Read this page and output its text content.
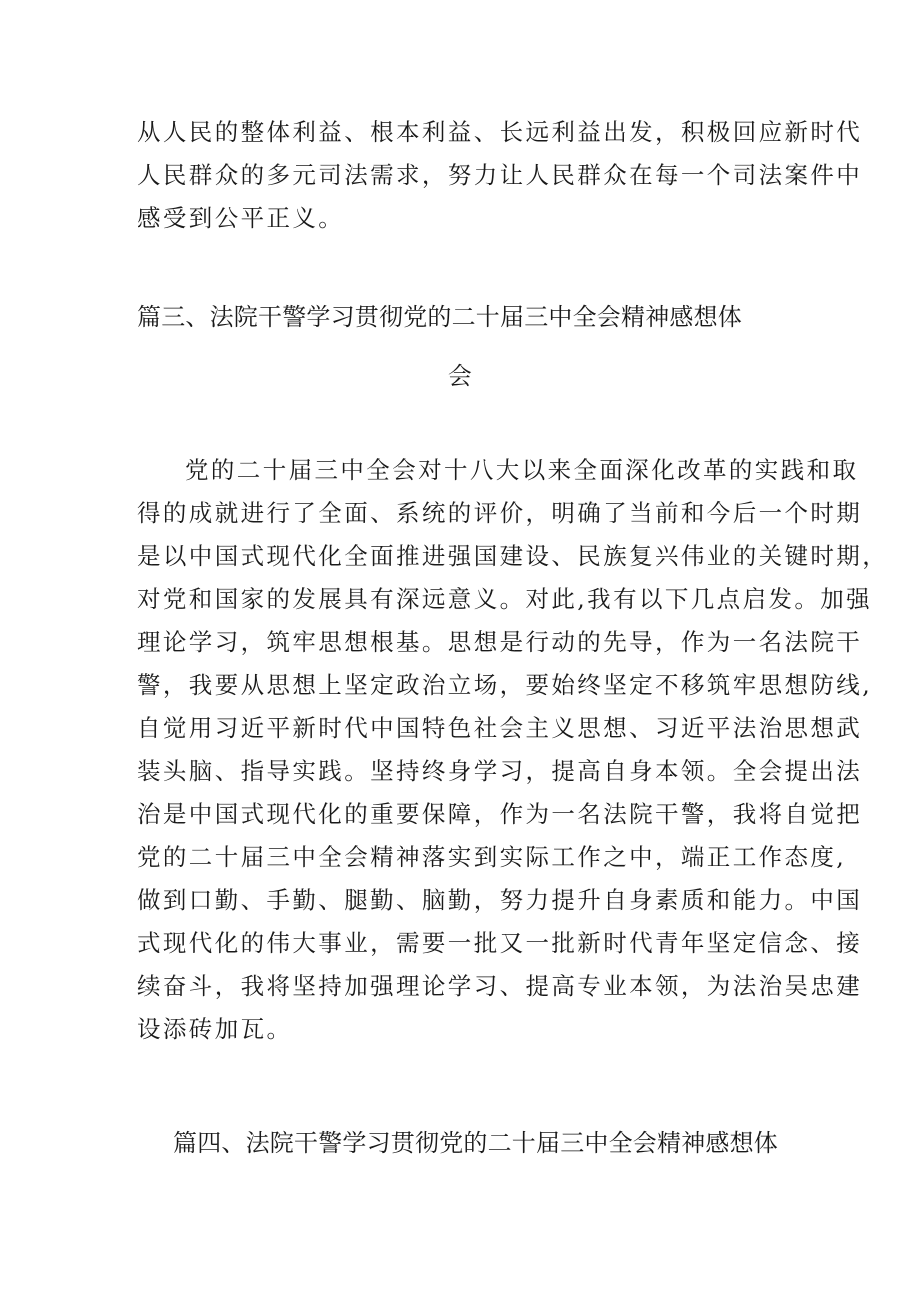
从人民的整体利益、根本利益、长远利益出发，积极回应新时代

人民群众的多元司法需求，努力让人民群众在每一个司法案件中

感受到公平正义。

篇三、法院干警学习贯彻党的二十届三中全会精神感想体

会

党的二十届三中全会对十八大以来全面深化改革的实践和取

得的成就进行了全面、系统的评价，明确了当前和今后一个时期

是以中国式现代化全面推进强国建设、民族复兴伟业的关键时期，

对党和国家的发展具有深远意义。对此,我有以下几点启发。加强

理论学习，筑牢思想根基。思想是行动的先导，作为一名法院干

警，我要从思想上坚定政治立场，要始终坚定不移筑牢思想防线,

自觉用习近平新时代中国特色社会主义思想、习近平法治思想武

装头脑、指导实践。坚持终身学习，提高自身本领。全会提出法

治是中国式现代化的重要保障，作为一名法院干警，我将自觉把

党的二十届三中全会精神落实到实际工作之中，端正工作态度,

做到口勤、手勤、腿勤、脑勤，努力提升自身素质和能力。中国

式现代化的伟大事业，需要一批又一批新时代青年坚定信念、接

续奋斗，我将坚持加强理论学习、提高专业本领，为法治吴忠建

设添砖加瓦。

篇四、法院干警学习贯彻党的二十届三中全会精神感想体
